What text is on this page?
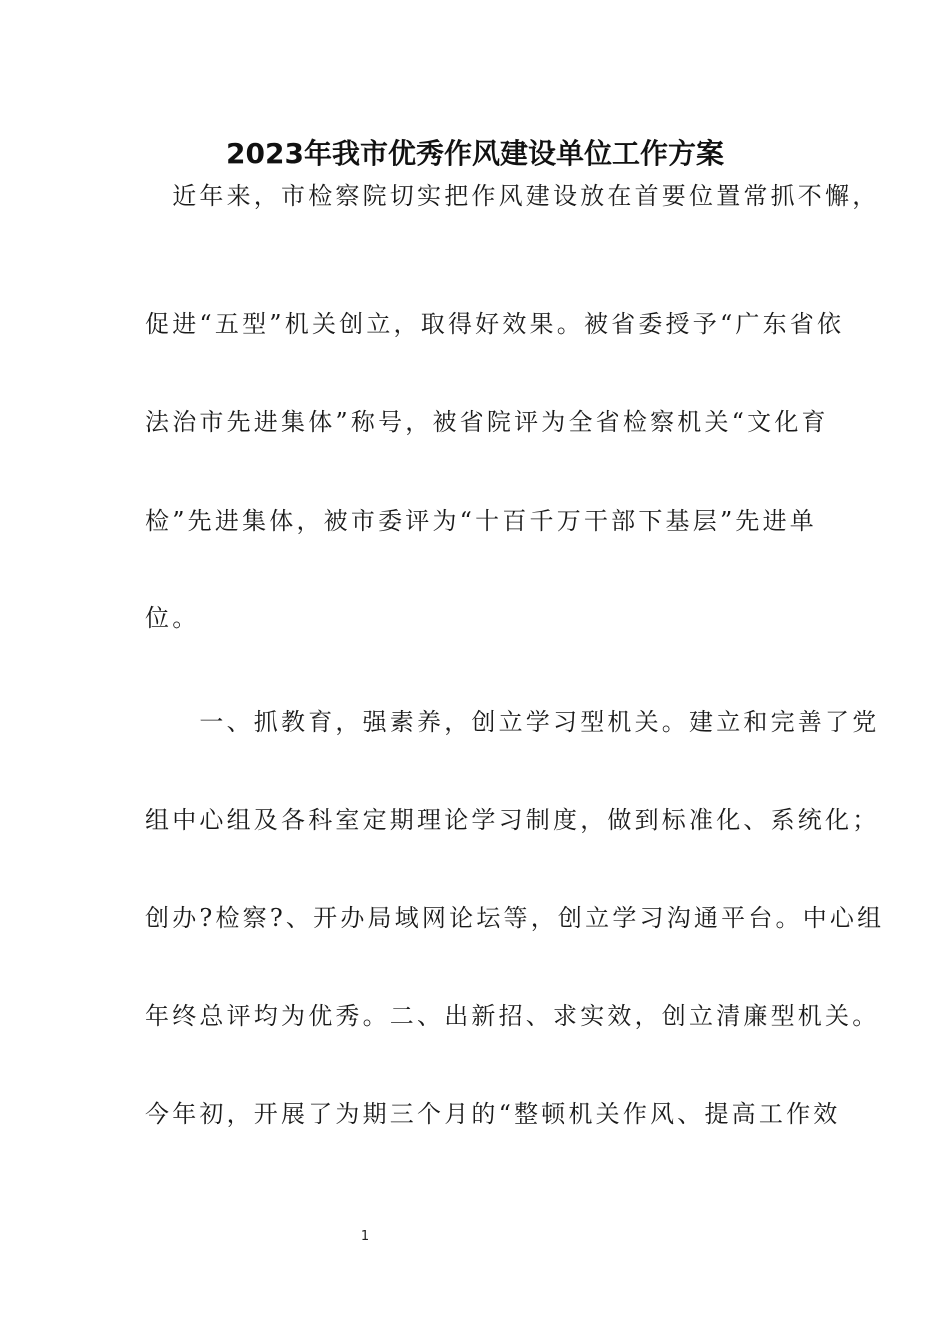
2023年我市优秀作风建设单位工作方案
　近年来，市检察院切实把作风建设放在首要位置常抓不懈，
促进“五型”机关创立，取得好效果。被省委授予“广东省依
法治市先进集体”称号，被省院评为全省检察机关“文化育
检”先进集体，被市委评为“十百千万干部下基层”先进单
位。
　　一、抓教育，强素养，创立学习型机关。建立和完善了党
组中心组及各科室定期理论学习制度，做到标准化、系统化；
创办?检察?、开办局域网论坛等，创立学习沟通平台。中心组
年终总评均为优秀。二、出新招、求实效，创立清廉型机关。
今年初，开展了为期三个月的“整顿机关作风、提高工作效
1
